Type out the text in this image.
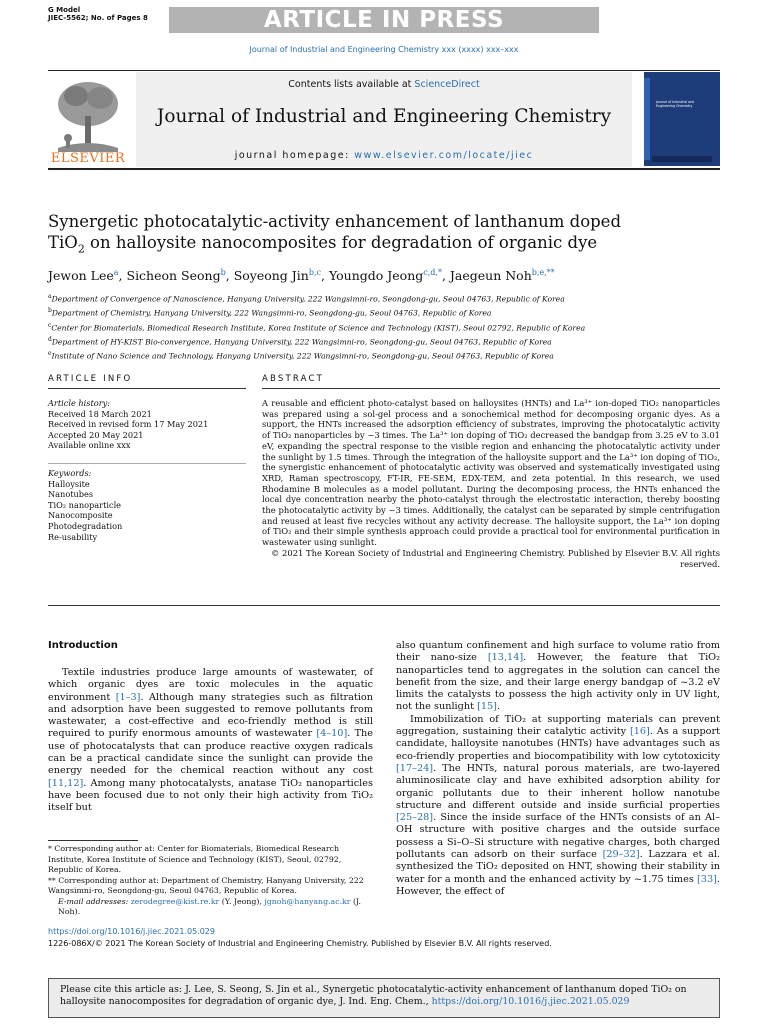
G Model
JIEC-5562; No. of Pages 8	ARTICLE IN PRESS
Journal of Industrial and Engineering Chemistry xxx (xxxx) xxx–xxx
ELSEVIER
Contents lists available at ScienceDirect
Journal of Industrial and Engineering Chemistry
journal homepage: www.elsevier.com/locate/jiec
Journal of Industrial and Engineering Chemistry
Synergetic photocatalytic-activity enhancement of lanthanum doped
TiO$_2$ on halloysite nanocomposites for degradation of organic dye
Jewon Lee$^a$, Sicheon Seong$^b$, Soyeong Jin$^{b,c}$, Youngdo Jeong$^{c,d,*}$, Jaegeun Noh$^{b,e,**}$
$^a$Department of Convergence of Nanoscience, Hanyang University, 222 Wangsimni-ro, Seongdong-gu, Seoul 04763, Republic of Korea
$^b$Department of Chemistry, Hanyang University, 222 Wangsimni-ro, Seongdong-gu, Seoul 04763, Republic of Korea
$^c$Center for Biomaterials, Biomedical Research Institute, Korea Institute of Science and Technology (KIST), Seoul 02792, Republic of Korea
$^d$Department of HY-KIST Bio-convergence, Hanyang University, 222 Wangsimni-ro, Seongdong-gu, Seoul 04763, Republic of Korea
$^e$Institute of Nano Science and Technology, Hanyang University, 222 Wangsimni-ro, Seongdong-gu, Seoul 04763, Republic of Korea
ARTICLE INFO	ABSTRACT
Article history:
Received 18 March 2021
Received in revised form 17 May 2021
Accepted 20 May 2021
Available online xxx
Keywords:
Halloysite
Nanotubes
TiO₂ nanoparticle
Nanocomposite
Photodegradation
Re-usability

A reusable and efficient photo-catalyst based on halloysites (HNTs) and La³⁺ ion-doped TiO₂ nanoparticles was prepared using a sol-gel process and a sonochemical method for decomposing organic dyes. As a support, the HNTs increased the adsorption efficiency of substrates, improving the photocatalytic activity of TiO₂ nanoparticles by ~3 times. The La³⁺ ion doping of TiO₂ decreased the bandgap from 3.25 eV to 3.01 eV, expanding the spectral response to the visible region and enhancing the photocatalytic activity under the sunlight by 1.5 times. Through the integration of the halloysite support and the La³⁺ ion doping of TiO₂, the synergistic enhancement of photocatalytic activity was observed and systematically investigated using XRD, Raman spectroscopy, FT-IR, FE-SEM, EDX-TEM, and zeta potential. In this research, we used Rhodamine B molecules as a model pollutant. During the decomposing process, the HNTs enhanced the local dye concentration nearby the photo-catalyst through the electrostatic interaction, thereby boosting the photocatalytic activity by ~3 times. Additionally, the catalyst can be separated by simple centrifugation and reused at least five recycles without any activity decrease. The halloysite support, the La³⁺ ion doping of TiO₂ and their simple synthesis approach could provide a practical tool for environmental purification in wastewater using sunlight.

© 2021 The Korean Society of Industrial and Engineering Chemistry. Published by Elsevier B.V. All rights reserved.

Introduction

Textile industries produce large amounts of wastewater, of which organic dyes are toxic molecules in the aquatic environment [1–3]. Although many strategies such as filtration and adsorption have been suggested to remove pollutants from wastewater, a cost-effective and eco-friendly method is still required to purify enormous amounts of wastewater [4–10]. The use of photocatalysts that can produce reactive oxygen radicals can be a practical candidate since the sunlight can provide the energy needed for the chemical reaction without any cost [11,12]. Among many photocatalysts, anatase TiO₂ nanoparticles have been focused due to not only their high activity from TiO₂ itself but

also quantum confinement and high surface to volume ratio from their nano-size [13,14]. However, the feature that TiO₂ nanoparticles tend to aggregates in the solution can cancel the benefit from the size, and their large energy bandgap of ~3.2 eV limits the catalysts to possess the high activity only in UV light, not the sunlight [15].

Immobilization of TiO₂ at supporting materials can prevent aggregation, sustaining their catalytic activity [16]. As a support candidate, halloysite nanotubes (HNTs) have advantages such as eco-friendly properties and biocompatibility with low cytotoxicity [17–24]. The HNTs, natural porous materials, are two-layered aluminosilicate clay and have exhibited adsorption ability for organic pollutants due to their inherent hollow nanotube structure and different outside and inside surficial properties [25–28]. Since the inside surface of the HNTs consists of an Al–OH structure with positive charges and the outside surface possess a Si–O–Si structure with negative charges, both charged pollutants can adsorb on their surface [29–32]. Lazzara et al. synthesized the TiO₂ deposited on HNT, showing their stability in water for a month and the enhanced activity by ~1.75 times [33]. However, the effect of

* Corresponding author at: Center for Biomaterials, Biomedical Research Institute, Korea Institute of Science and Technology (KIST), Seoul, 02792, Republic of Korea.

** Corresponding author at: Department of Chemistry, Hanyang University, 222 Wangsimni-ro, Seongdong-gu, Seoul 04763, Republic of Korea.

E-mail addresses: zerodegree@kist.re.kr (Y. Jeong), jgnoh@hanyang.ac.kr (J. Noh).

https://doi.org/10.1016/j.jiec.2021.05.029
1226-086X/© 2021 The Korean Society of Industrial and Engineering Chemistry. Published by Elsevier B.V. All rights reserved.
Please cite this article as: J. Lee, S. Seong, S. Jin et al., Synergetic photocatalytic-activity enhancement of lanthanum doped TiO₂ on halloysite nanocomposites for degradation of organic dye, J. Ind. Eng. Chem., https://doi.org/10.1016/j.jiec.2021.05.029
